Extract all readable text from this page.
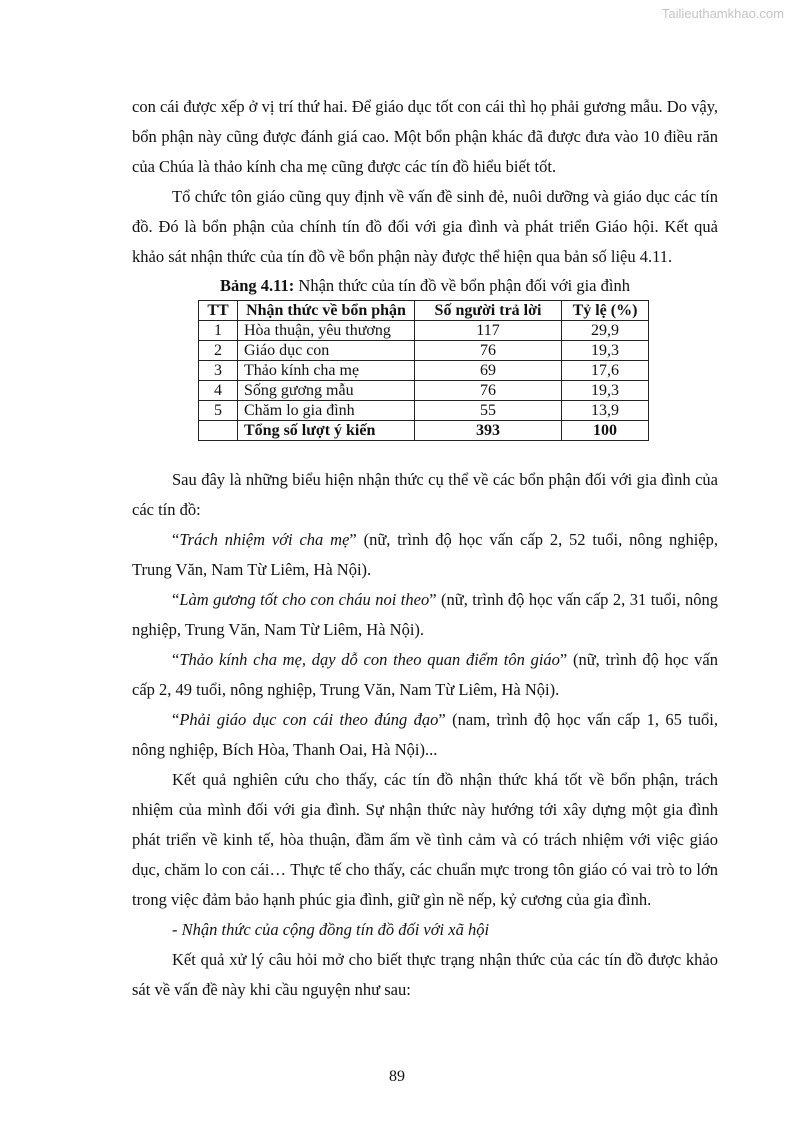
Tailieuthamkhao.com

con cái được xếp ở vị trí thứ hai. Để giáo dục tốt con cái thì họ phải gương mẫu. Do vậy, bổn phận này cũng được đánh giá cao. Một bổn phận khác đã được đưa vào 10 điều răn của Chúa là thảo kính cha mẹ cũng được các tín đồ hiểu biết tốt.

Tổ chức tôn giáo cũng quy định về vấn đề sinh đẻ, nuôi dưỡng và giáo dục các tín đồ. Đó là bổn phận của chính tín đồ đối với gia đình và phát triển Giáo hội. Kết quả khảo sát nhận thức của tín đồ về bổn phận này được thể hiện qua bản số liệu 4.11.

Bảng 4.11: Nhận thức của tín đồ về bổn phận đối với gia đình

TT	Nhận thức về bổn phận	Số người trả lời	Tỷ lệ (%)
1	Hòa thuận, yêu thương	117	29,9
2	Giáo dục con	76	19,3
3	Thảo kính cha mẹ	69	17,6
4	Sống gương mẫu	76	19,3
5	Chăm lo gia đình	55	13,9
	Tổng số lượt ý kiến	393	100

Sau đây là những biểu hiện nhận thức cụ thể về các bổn phận đối với gia đình của các tín đồ:

“Trách nhiệm với cha mẹ” (nữ, trình độ học vấn cấp 2, 52 tuổi, nông nghiệp, Trung Văn, Nam Từ Liêm, Hà Nội).

“Làm gương tốt cho con cháu noi theo” (nữ, trình độ học vấn cấp 2, 31 tuổi, nông nghiệp, Trung Văn, Nam Từ Liêm, Hà Nội).

“Thảo kính cha mẹ, dạy dỗ con theo quan điểm tôn giáo” (nữ, trình độ học vấn cấp 2, 49 tuổi, nông nghiệp, Trung Văn, Nam Từ Liêm, Hà Nội).

“Phải giáo dục con cái theo đúng đạo” (nam, trình độ học vấn cấp 1, 65 tuổi, nông nghiệp, Bích Hòa, Thanh Oai, Hà Nội)...

Kết quả nghiên cứu cho thấy, các tín đồ nhận thức khá tốt về bổn phận, trách nhiệm của mình đối với gia đình. Sự nhận thức này hướng tới xây dựng một gia đình phát triển về kinh tế, hòa thuận, đầm ấm về tình cảm và có trách nhiệm với việc giáo dục, chăm lo con cái… Thực tế cho thấy, các chuẩn mực trong tôn giáo có vai trò to lớn trong việc đảm bảo hạnh phúc gia đình, giữ gìn nề nếp, kỷ cương của gia đình.

- Nhận thức của cộng đồng tín đồ đối với xã hội

Kết quả xử lý câu hỏi mở cho biết thực trạng nhận thức của các tín đồ được khảo sát về vấn đề này khi cầu nguyện như sau:

89
